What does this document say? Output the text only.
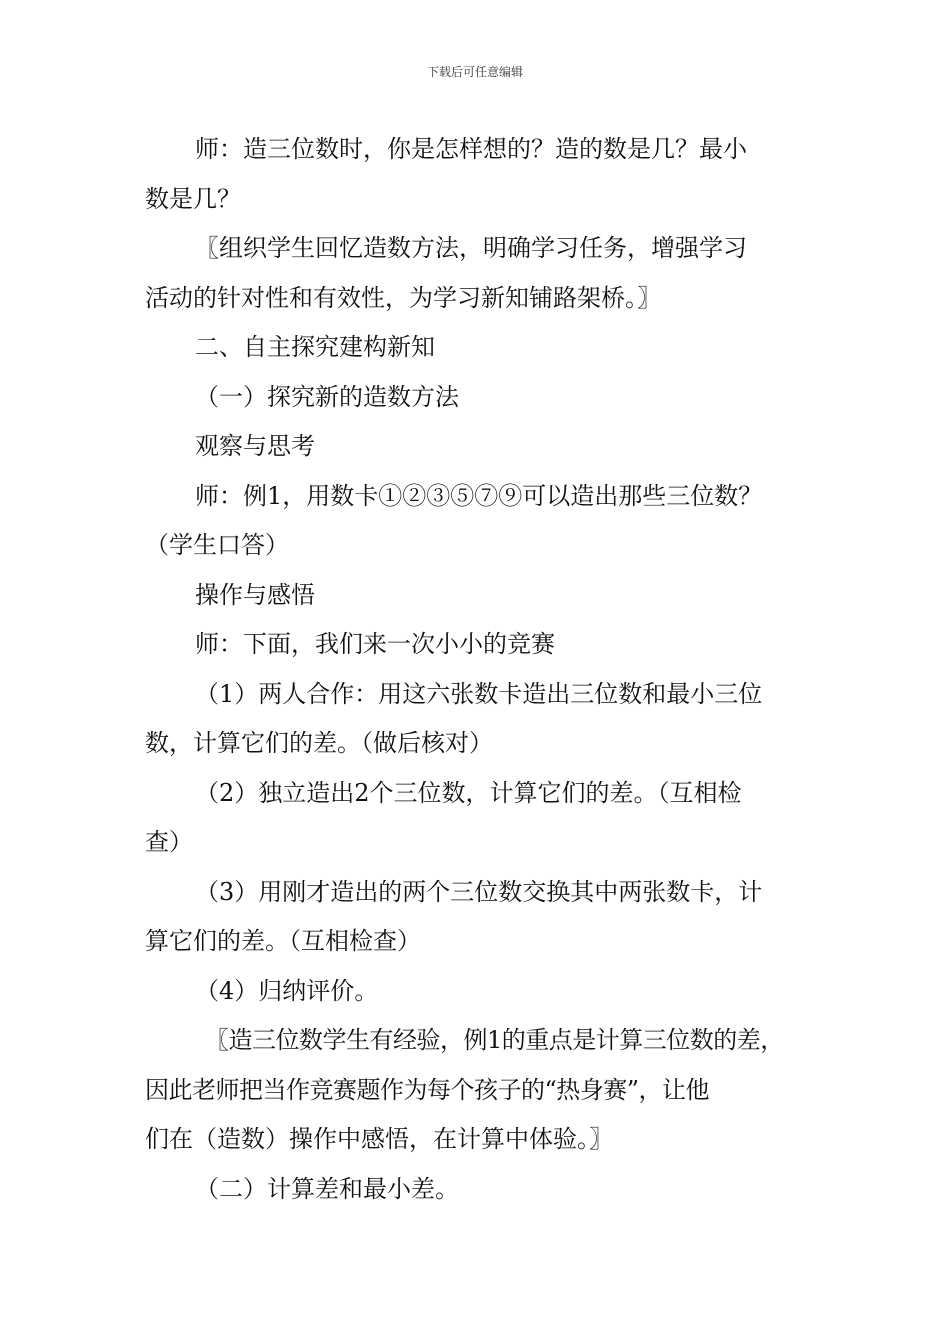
下载后可任意编辑

师：造三位数时，你是怎样想的？造的数是几？最小

数是几？

〖组织学生回忆造数方法，明确学习任务，增强学习

活动的针对性和有效性，为学习新知铺路架桥。〗

二、自主探究建构新知

（一）探究新的造数方法

观察与思考

师：例1，用数卡①②③⑤⑦⑨可以造出那些三位数？

（学生口答）

操作与感悟

师：下面，我们来一次小小的竞赛

（1）两人合作：用这六张数卡造出三位数和最小三位

数，计算它们的差。（做后核对）

（2）独立造出2个三位数，计算它们的差。（互相检

查）

（3）用刚才造出的两个三位数交换其中两张数卡，计

算它们的差。（互相检查）

（4）归纳评价。

〖造三位数学生有经验，例1的重点是计算三位数的差，

因此老师把当作竞赛题作为每个孩子的“热身赛”，让他

们在（造数）操作中感悟，在计算中体验。〗

（二）计算差和最小差。
